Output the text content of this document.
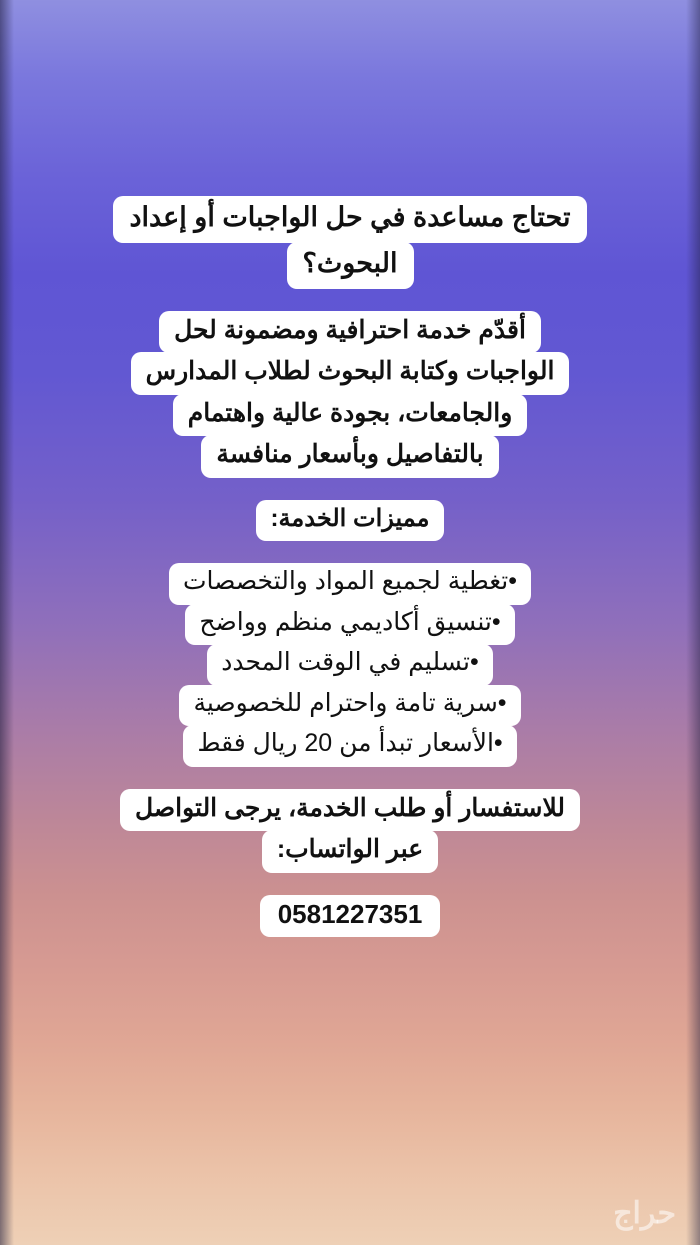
تحتاج مساعدة في حل الواجبات أو إعداد
البحوث؟
أقدّم خدمة احترافية ومضمونة لحل
الواجبات وكتابة البحوث لطلاب المدارس
والجامعات، بجودة عالية واهتمام
بالتفاصيل وبأسعار منافسة
مميزات الخدمة:
•تغطية لجميع المواد والتخصصات
•تنسيق أكاديمي منظم وواضح
•تسليم في الوقت المحدد
•سرية تامة واحترام للخصوصية
•الأسعار تبدأ من 20 ريال فقط
للاستفسار أو طلب الخدمة، يرجى التواصل
عبر الواتساب:
0581227351
حراج
